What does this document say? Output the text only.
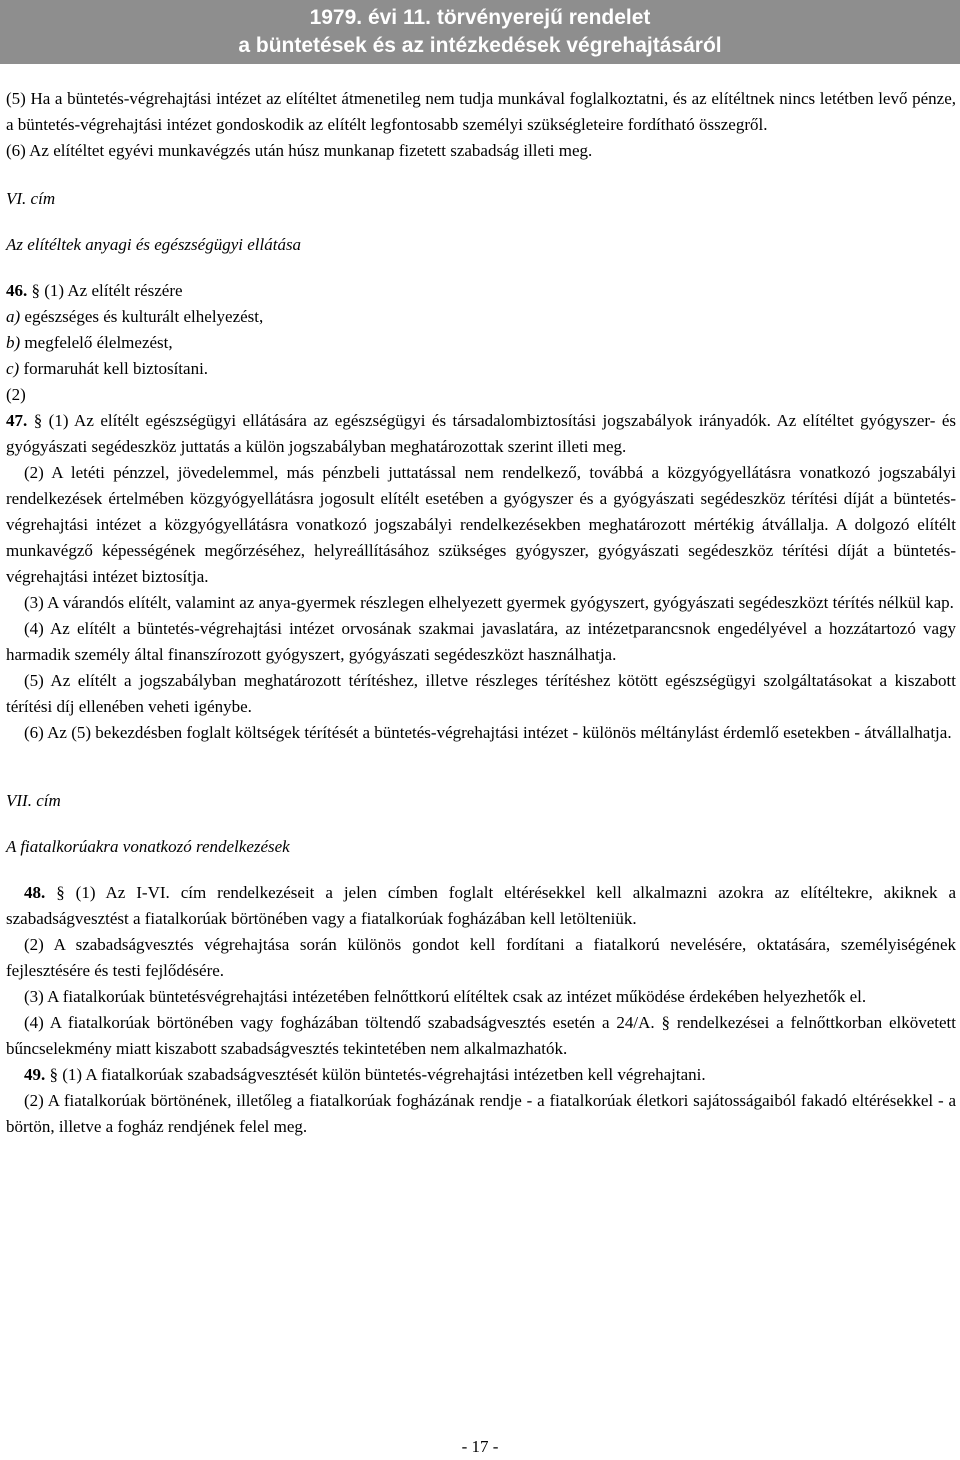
1979. évi 11. törvényerejű rendelet
a büntetések és az intézkedések végrehajtásáról

(5) Ha a büntetés-végrehajtási intézet az elítéltet átmenetileg nem tudja munkával foglalkoztatni, és az elítéltnek nincs letétben levő pénze, a büntetés-végrehajtási intézet gondoskodik az elítélt legfontosabb személyi szükségleteire fordítható összegről.

(6) Az elítéltet egyévi munkavégzés után húsz munkanap fizetett szabadság illeti meg.

VI. cím

Az elítéltek anyagi és egészségügyi ellátása

46. § (1) Az elítélt részére

a) egészséges és kulturált elhelyezést,

b) megfelelő élelmezést,

c) formaruhát kell biztosítani.

(2)

47. § (1) Az elítélt egészségügyi ellátására az egészségügyi és társadalombiztosítási jogszabályok irányadók. Az elítéltet gyógyszer- és gyógyászati segédeszköz juttatás a külön jogszabályban meghatározottak szerint illeti meg.

(2) A letéti pénzzel, jövedelemmel, más pénzbeli juttatással nem rendelkező, továbbá a közgyógyellátásra vonatkozó jogszabályi rendelkezések értelmében közgyógyellátásra jogosult elítélt esetében a gyógyszer és a gyógyászati segédeszköz térítési díját a büntetés-végrehajtási intézet a közgyógyellátásra vonatkozó jogszabályi rendelkezésekben meghatározott mértékig átvállalja. A dolgozó elítélt munkavégző képességének megőrzéséhez, helyreállításához szükséges gyógyszer, gyógyászati segédeszköz térítési díját a büntetés-végrehajtási intézet biztosítja.

(3) A várandós elítélt, valamint az anya-gyermek részlegen elhelyezett gyermek gyógyszert, gyógyászati segédeszközt térítés nélkül kap.

(4) Az elítélt a büntetés-végrehajtási intézet orvosának szakmai javaslatára, az intézetparancsnok engedélyével a hozzátartozó vagy harmadik személy által finanszírozott gyógyszert, gyógyászati segédeszközt használhatja.

(5) Az elítélt a jogszabályban meghatározott térítéshez, illetve részleges térítéshez kötött egészségügyi szolgáltatásokat a kiszabott térítési díj ellenében veheti igénybe.

(6) Az (5) bekezdésben foglalt költségek térítését a büntetés-végrehajtási intézet - különös méltánylást érdemlő esetekben - átvállalhatja.

VII. cím

A fiatalkorúakra vonatkozó rendelkezések

48. § (1) Az I-VI. cím rendelkezéseit a jelen címben foglalt eltérésekkel kell alkalmazni azokra az elítéltekre, akiknek a szabadságvesztést a fiatalkorúak börtönében vagy a fiatalkorúak fogházában kell letölteniük.

(2) A szabadságvesztés végrehajtása során különös gondot kell fordítani a fiatalkorú nevelésére, oktatására, személyiségének fejlesztésére és testi fejlődésére.

(3) A fiatalkorúak büntetésvégrehajtási intézetében felnőttkorú elítéltek csak az intézet működése érdekében helyezhetők el.

(4) A fiatalkorúak börtönében vagy fogházában töltendő szabadságvesztés esetén a 24/A. § rendelkezései a felnőttkorban elkövetett bűncselekmény miatt kiszabott szabadságvesztés tekintetében nem alkalmazhatók.

49. § (1) A fiatalkorúak szabadságvesztését külön büntetés-végrehajtási intézetben kell végrehajtani.

(2) A fiatalkorúak börtönének, illetőleg a fiatalkorúak fogházának rendje - a fiatalkorúak életkori sajátosságaiból fakadó eltérésekkel - a börtön, illetve a fogház rendjének felel meg.

- 17 -
